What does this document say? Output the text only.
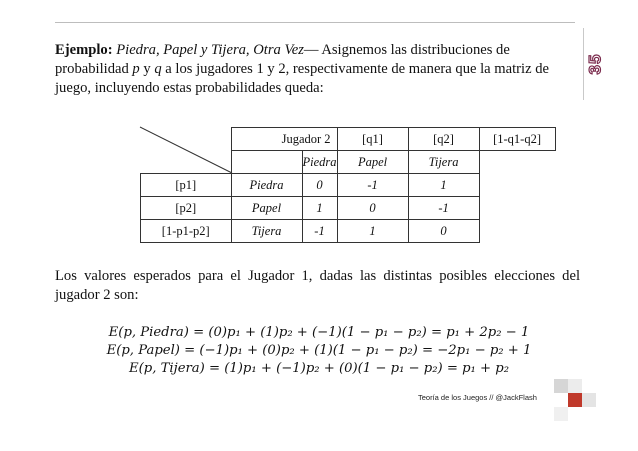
35

Ejemplo: Piedra, Papel y Tijera, Otra Vez— Asignemos las distribuciones de probabilidad p y q a los jugadores 1 y 2, respectivamente de manera que la matriz de juego, incluyendo estas probabilidades queda:

	Jugador 2		[q1]	[q2]	[1-q1-q2]
		Piedra	Papel	Tijera	
[p1]	Piedra	0	-1	1	
[p2]	Papel	1	0	-1	
[1-p1-p2]	Tijera	-1	1	0	

Los valores esperados para el Jugador 1, dadas las distintas posibles elecciones del jugador 2 son:

E(p, Piedra) = (0)p₁ + (1)p₂ + (−1)(1 − p₁ − p₂) = p₁ + 2p₂ − 1
E(p, Papel) = (−1)p₁ + (0)p₂ + (1)(1 − p₁ − p₂) = −2p₁ − p₂ + 1
E(p, Tijera) = (1)p₁ + (−1)p₂ + (0)(1 − p₁ − p₂) = p₁ + p₂
Teoría de los Juegos // @JackFlash
